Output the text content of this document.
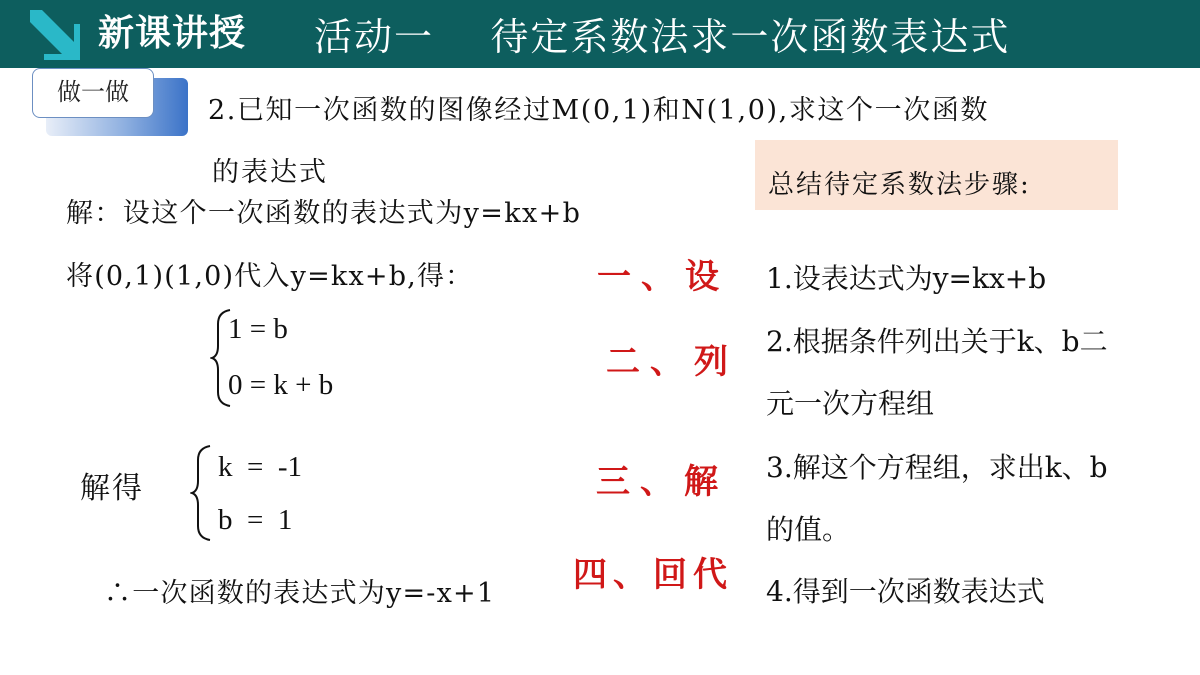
新课讲授 活动一    待定系数法求一次函数表达式
做一做
2.已知一次函数的图像经过M(0,1)和N(1,0),求这个一次函数
的表达式
解：设这个一次函数的表达式为y=kx+b
将(0,1)(1,0)代入y=kx+b,得：
1 = b
0 = k + b
解得
k  =  -1
b  =  1
∴一次函数的表达式为y=-x+1
一、设
二、列
三、解
四、回代
总结待定系数法步骤:
1.设表达式为y=kx+b
2.根据条件列出关于k、b二
元一次方程组
3.解这个方程组，求出k、b
的值。
4.得到一次函数表达式
